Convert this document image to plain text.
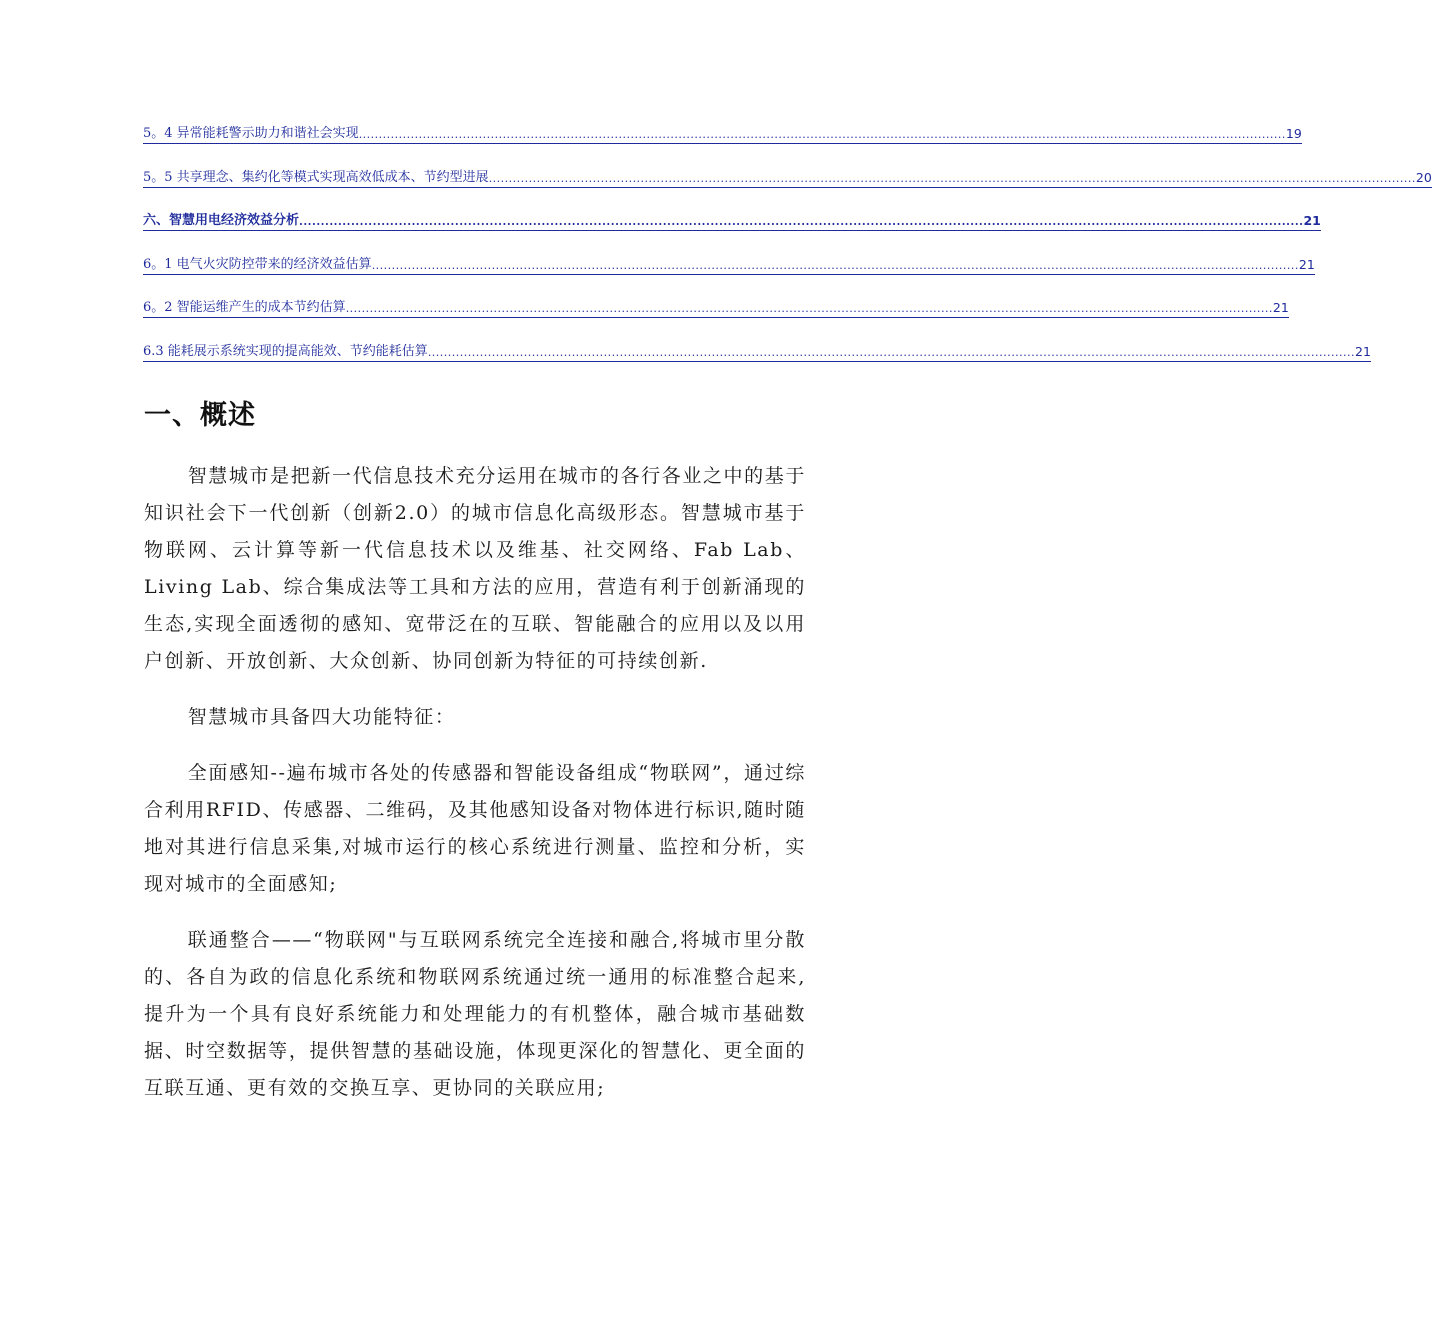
5。4 异常能耗警示助力和谐社会实现 ........................................................................................................................................................................................................................................ 19
5。5 共享理念、集约化等模式实现高效低成本、节约型进展 ........................................................................................................................................................................................................................................ 20
六、智慧用电经济效益分析 ........................................................................................................................................................................................................................................ 21
6。1 电气火灾防控带来的经济效益估算 ........................................................................................................................................................................................................................................ 21
6。2 智能运维产生的成本节约估算 ........................................................................................................................................................................................................................................ 21
6.3 能耗展示系统实现的提高能效、节约能耗估算 ........................................................................................................................................................................................................................................ 21
一、概述

智慧城市是把新一代信息技术充分运用在城市的各行各业之中的基于知识社会下一代创新（创新2.0）的城市信息化高级形态。智慧城市基于物联网、云计算等新一代信息技术以及维基、社交网络、Fab Lab、Living Lab、综合集成法等工具和方法的应用，营造有利于创新涌现的生态,实现全面透彻的感知、宽带泛在的互联、智能融合的应用以及以用户创新、开放创新、大众创新、协同创新为特征的可持续创新.

智慧城市具备四大功能特征：

全面感知--遍布城市各处的传感器和智能设备组成“物联网”，通过综合利用RFID、传感器、二维码，及其他感知设备对物体进行标识,随时随地对其进行信息采集,对城市运行的核心系统进行测量、监控和分析，实现对城市的全面感知;

联通整合——“物联网"与互联网系统完全连接和融合,将城市里分散的、各自为政的信息化系统和物联网系统通过统一通用的标准整合起来,提升为一个具有良好系统能力和处理能力的有机整体，融合城市基础数据、时空数据等，提供智慧的基础设施，体现更深化的智慧化、更全面的互联互通、更有效的交换互享、更协同的关联应用;
